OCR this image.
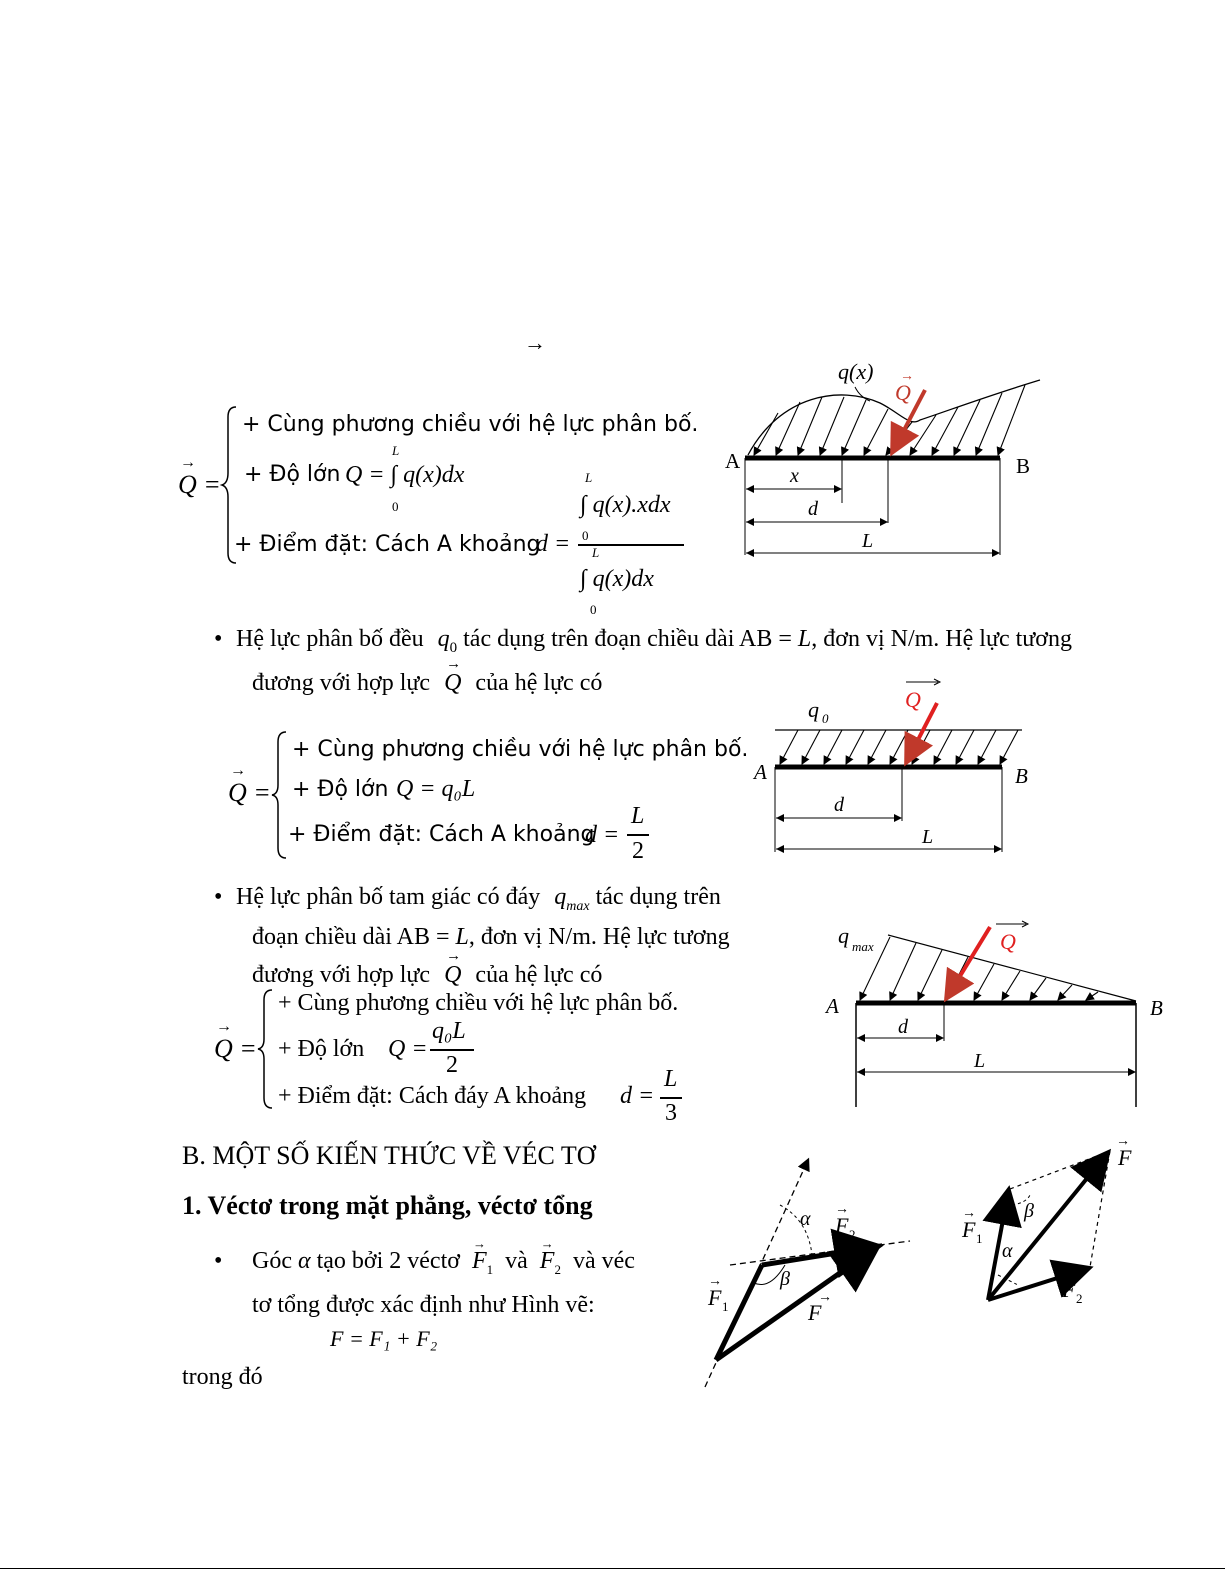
→
→
Q =
+ Cùng phương chiều với hệ lực phân bố.
+ Độ lớn Q = ∫ q(x)dx
L
0
+ Điểm đặt: Cách A khoảng
d =
∫ q(x).xdx
∫ q(x)dx
L
0
L
0
q(x)
Q
→
A	B
x
d
L
• Hệ lực phân bố đều $q_0$ tác dụng trên đoạn chiều dài AB = L, đơn vị N/m. Hệ lực tương
đương với hợp lực
→
Q của hệ lực có
→
Q =
+ Cùng phương chiều với hệ lực phân bố.
+ Độ lớn Q = q₀L
+ Điểm đặt: Cách A khoảng
d =
L
2
q 0
Q
A	B
d
L
• Hệ lực phân bố tam giác có đáy $q_{max}$ tác dụng trên
đoạn chiều dài AB = L, đơn vị N/m. Hệ lực tương
đương với hợp lực
→
Q của hệ lực có
→
Q =
+ Cùng phương chiều với hệ lực phân bố.
+ Độ lớn Q =
q₀L
2
+ Điểm đặt: Cách đáy A khoảng d =
L
3
q max	Q
A	B
d
L
B. MỘT SỐ KIẾN THỨC VỀ VÉC TƠ
1. Véctơ trong mặt phẳng, véctơ tổng
• Góc α tạo bởi 2 véctơ
→
$F_1$ và
→
$F_2$ và véc
tơ tổng được xác định như Hình vẽ:
F = F₁ + F₂
trong đó
α
β
F 2
→
F 1
→
F
→
β
α
F 1
→
F 2
→
F
→
